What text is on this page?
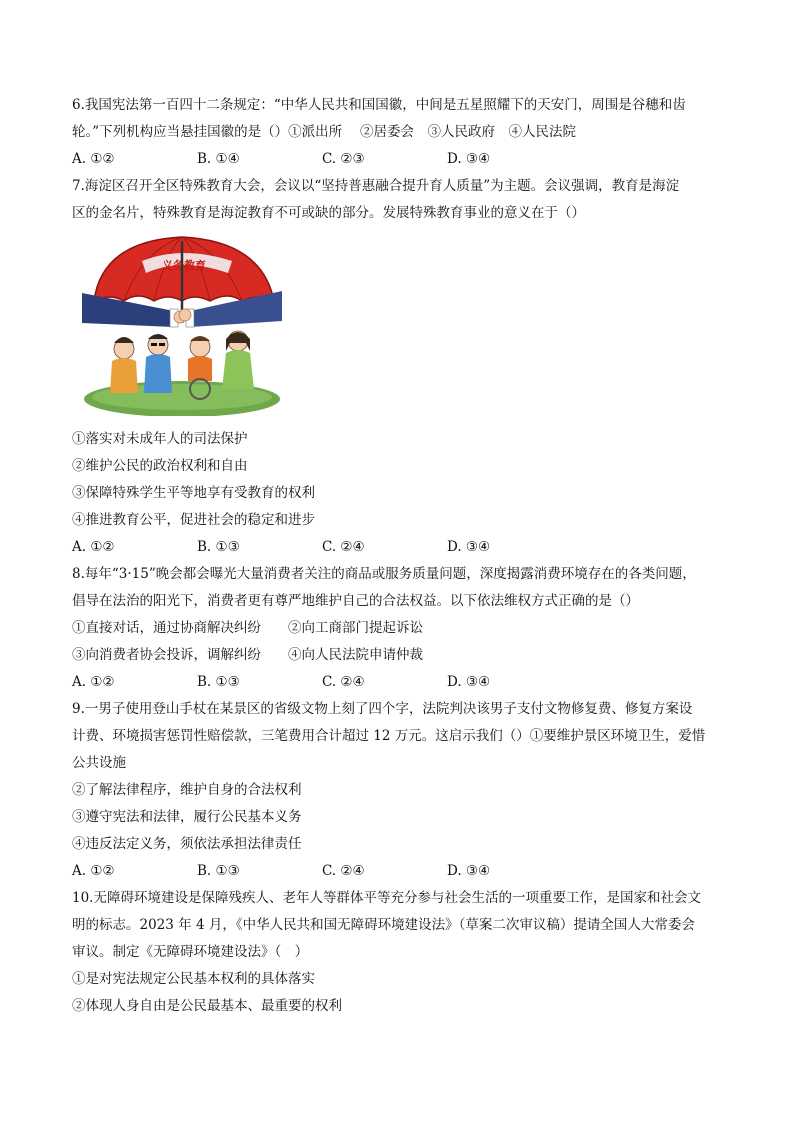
6.我国宪法第一百四十二条规定：“中华人民共和国国徽，中间是五星照耀下的天安门，周围是谷穗和齿
轮。”下列机构应当悬挂国徽的是（）①派出所　 ②居委会　③人民政府　④人民法院
A. ①②	B. ①④	C. ②③	D. ③④
7.海淀区召开全区特殊教育大会，会议以“坚持普惠融合提升育人质量”为主题。会议强调，教育是海淀
区的金名片，特殊教育是海淀教育不可或缺的部分。发展特殊教育事业的意义在于（）
义务教育
①落实对未成年人的司法保护
②维护公民的政治权利和自由
③保障特殊学生平等地享有受教育的权利
④推进教育公平，促进社会的稳定和进步
A. ①②	B. ①③	C. ②④	D. ③④
8.每年“3·15”晚会都会曝光大量消费者关注的商品或服务质量问题，深度揭露消费环境存在的各类问题，
倡导在法治的阳光下，消费者更有尊严地维护自己的合法权益。以下依法维权方式正确的是（）
①直接对话，通过协商解决纠纷　　②向工商部门提起诉讼
③向消费者协会投诉，调解纠纷　　④向人民法院申请仲裁
A. ①②	B. ①③	C. ②④	D. ③④
9.一男子使用登山手杖在某景区的省级文物上刻了四个字，法院判决该男子支付文物修复费、修复方案设
计费、环境损害惩罚性赔偿款，三笔费用合计超过 12 万元。这启示我们（）①要维护景区环境卫生，爱惜
公共设施
②了解法律程序，维护自身的合法权利
③遵守宪法和法律，履行公民基本义务
④违反法定义务，须依法承担法律责任
A. ①②	B. ①③	C. ②④	D. ③④
10.无障碍环境建设是保障残疾人、老年人等群体平等充分参与社会生活的一项重要工作，是国家和社会文
明的标志。2023 年 4 月，《中华人民共和国无障碍环境建设法》（草案二次审议稿）提请全国人大常委会
审议。制定《无障碍环境建设法》（　）
①是对宪法规定公民基本权利的具体落实
②体现人身自由是公民最基本、最重要的权利
